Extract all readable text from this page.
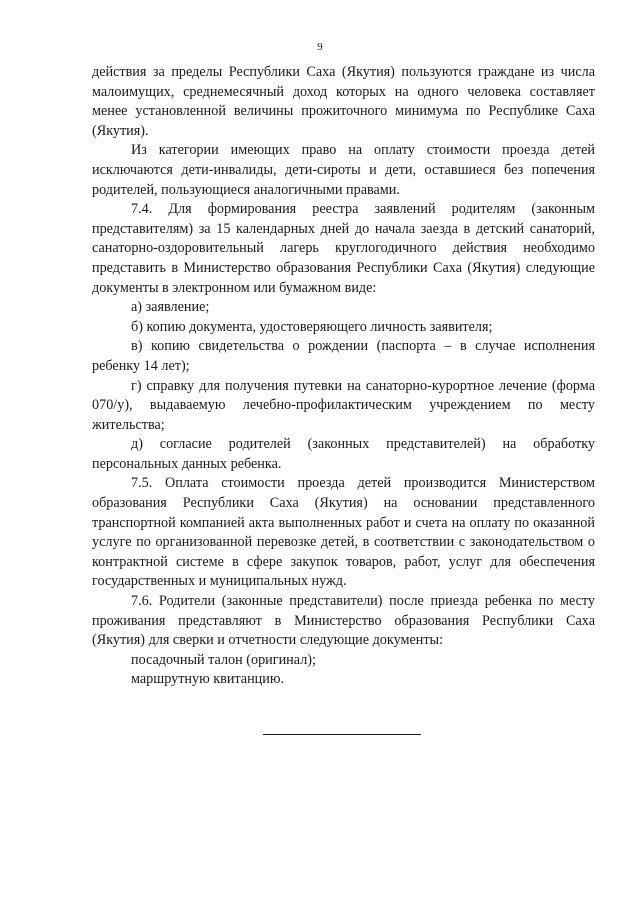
9

действия за пределы Республики Саха (Якутия) пользуются граждане из числа малоимущих, среднемесячный доход которых на одного человека составляет менее установленной величины прожиточного минимума по Республике Саха (Якутия).

Из категории имеющих право на оплату стоимости проезда детей исключаются дети-инвалиды, дети-сироты и дети, оставшиеся без попечения родителей, пользующиеся аналогичными правами.

7.4. Для формирования реестра заявлений родителям (законным представителям) за 15 календарных дней до начала заезда в детский санаторий, санаторно-оздоровительный лагерь круглогодичного действия необходимо представить в Министерство образования Республики Саха (Якутия) следующие документы в электронном или бумажном виде:

а) заявление;

б) копию документа, удостоверяющего личность заявителя;

в) копию свидетельства о рождении (паспорта – в случае исполнения ребенку 14 лет);

г) справку для получения путевки на санаторно-курортное лечение (форма 070/у), выдаваемую лечебно-профилактическим учреждением по месту жительства;

д) согласие родителей (законных представителей) на обработку персональных данных ребенка.

7.5. Оплата стоимости проезда детей производится Министерством образования Республики Саха (Якутия) на основании представленного транспортной компанией акта выполненных работ и счета на оплату по оказанной услуге по организованной перевозке детей, в соответствии с законодательством о контрактной системе в сфере закупок товаров, работ, услуг для обеспечения государственных и муниципальных нужд.

7.6. Родители (законные представители) после приезда ребенка по месту проживания представляют в Министерство образования Республики Саха (Якутия) для сверки и отчетности следующие документы:

посадочный талон (оригинал);

маршрутную квитанцию.
